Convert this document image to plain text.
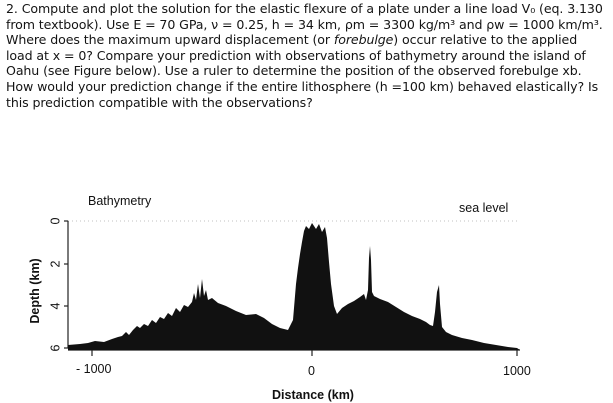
2. Compute and plot the solution for the elastic flexure of a plate under a line load V₀ (eq. 3.130
from textbook). Use E = 70 GPa, ν = 0.25, h = 34 km, ρm = 3300 kg/m³ and ρw = 1000 km/m³.
Where does the maximum upward displacement (or forebulge) occur relative to the applied
load at x = 0? Compare your prediction with observations of bathymetry around the island of
Oahu (see Figure below). Use a ruler to determine the position of the observed forebulge xb.
How would your prediction change if the entire lithosphere (h =100 km) behaved elastically? Is
this prediction compatible with the observations?
Bathymetry	sea level
Depth (km)
0
2
4
6
- 1000	0	1000
Distance (km)
